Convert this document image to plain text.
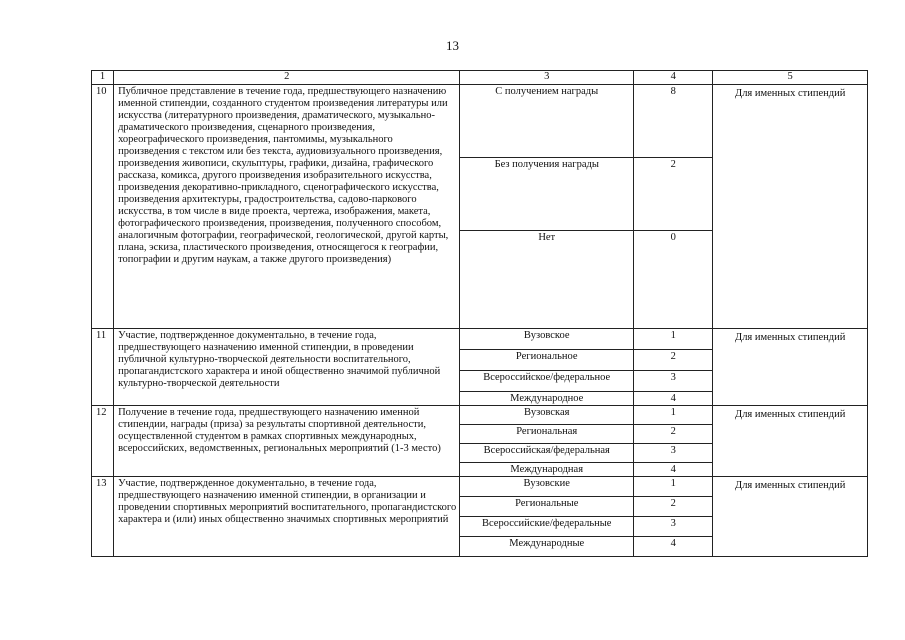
13
1	2	3	4	5
10	Публичное представление в течение года, предшествующего назначению именной стипендии, созданного студентом произведения литературы или искусства (литературного произведения, драматического, музыкально-драматического произведения, сценарного произведения, хореографического произведения, пантомимы, музыкального произведения с текстом или без текста, аудиовизуального произведения, произведения живописи, скульптуры, графики, дизайна, графического рассказа, комикса, другого произведения изобразительного искусства, произведения декоративно-прикладного, сценографического искусства, произведения архитектуры, градостроительства, садово-паркового искусства, в том числе в виде проекта, чертежа, изображения, макета, фотографического произведения, произведения, полученного способом, аналогичным фотографии, географической, геологической, другой карты, плана, эскиза, пластического произведения, относящегося к географии, топографии и другим наукам, а также другого произведения)	С получением награды	8	Для именных стипендий
		Без получения награды	2	
		Нет	0	
11	Участие, подтвержденное документально, в течение года, предшествующего назначению именной стипендии, в проведении публичной культурно-творческой деятельности воспитательного, пропагандистского характера и иной общественно значимой публичной культурно-творческой деятельности	Вузовское	1	Для именных стипендий
		Региональное	2	
		Всероссийское/федеральное	3	
		Международное	4	
12	Получение в течение года, предшествующего назначению именной стипендии, награды (приза) за результаты спортивной деятельности, осуществленной студентом в рамках спортивных международных, всероссийских, ведомственных, региональных мероприятий (1-3 место)	Вузовская	1	Для именных стипендий
		Региональная	2	
		Всероссийская/федеральная	3	
		Международная	4	
13	Участие, подтвержденное документально, в течение года, предшествующего назначению именной стипендии, в организации и проведении спортивных мероприятий воспитательного, пропагандистского характера и (или) иных общественно значимых спортивных мероприятий	Вузовские	1	Для именных стипендий
		Региональные	2	
		Всероссийские/федеральные	3	
		Международные	4	
